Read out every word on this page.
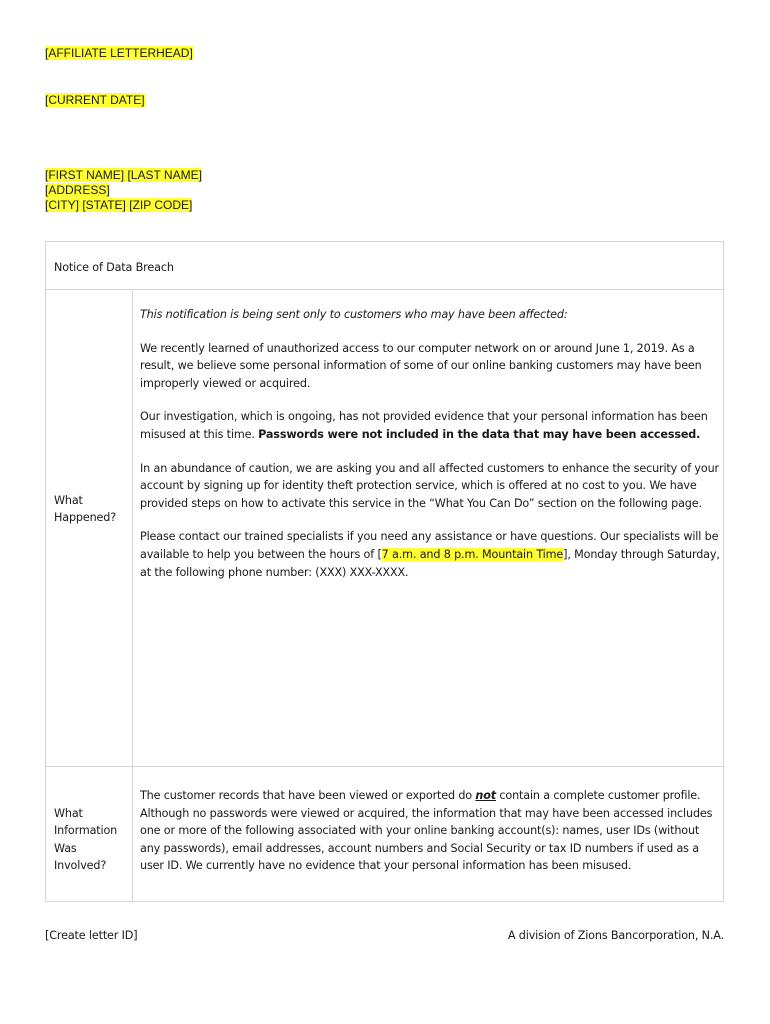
[AFFILIATE LETTERHEAD]
[CURRENT DATE]
[FIRST NAME] [LAST NAME]
[ADDRESS]
[CITY] [STATE] [ZIP CODE]
Notice of Data Breach
What
Happened?

This notification is being sent only to customers who may have been affected:

We recently learned of unauthorized access to our computer network on or around June 1, 2019. As a result, we believe some personal information of some of our online banking customers may have been improperly viewed or acquired.

Our investigation, which is ongoing, has not provided evidence that your personal information has been misused at this time. Passwords were not included in the data that may have been accessed.

In an abundance of caution, we are asking you and all affected customers to enhance the security of your account by signing up for identity theft protection service, which is offered at no cost to you. We have provided steps on how to activate this service in the “What You Can Do” section on the following page.

Please contact our trained specialists if you need any assistance or have questions. Our specialists will be available to help you between the hours of [7 a.m. and 8 p.m. Mountain Time], Monday through Saturday, at the following phone number: (XXX) XXX-XXXX.

What
Information
Was
Involved?

The customer records that have been viewed or exported do not contain a complete customer profile. Although no passwords were viewed or acquired, the information that may have been accessed includes one or more of the following associated with your online banking account(s): names, user IDs (without any passwords), email addresses, account numbers and Social Security or tax ID numbers if used as a user ID. We currently have no evidence that your personal information has been misused.

[Create letter ID]	A division of Zions Bancorporation, N.A.
